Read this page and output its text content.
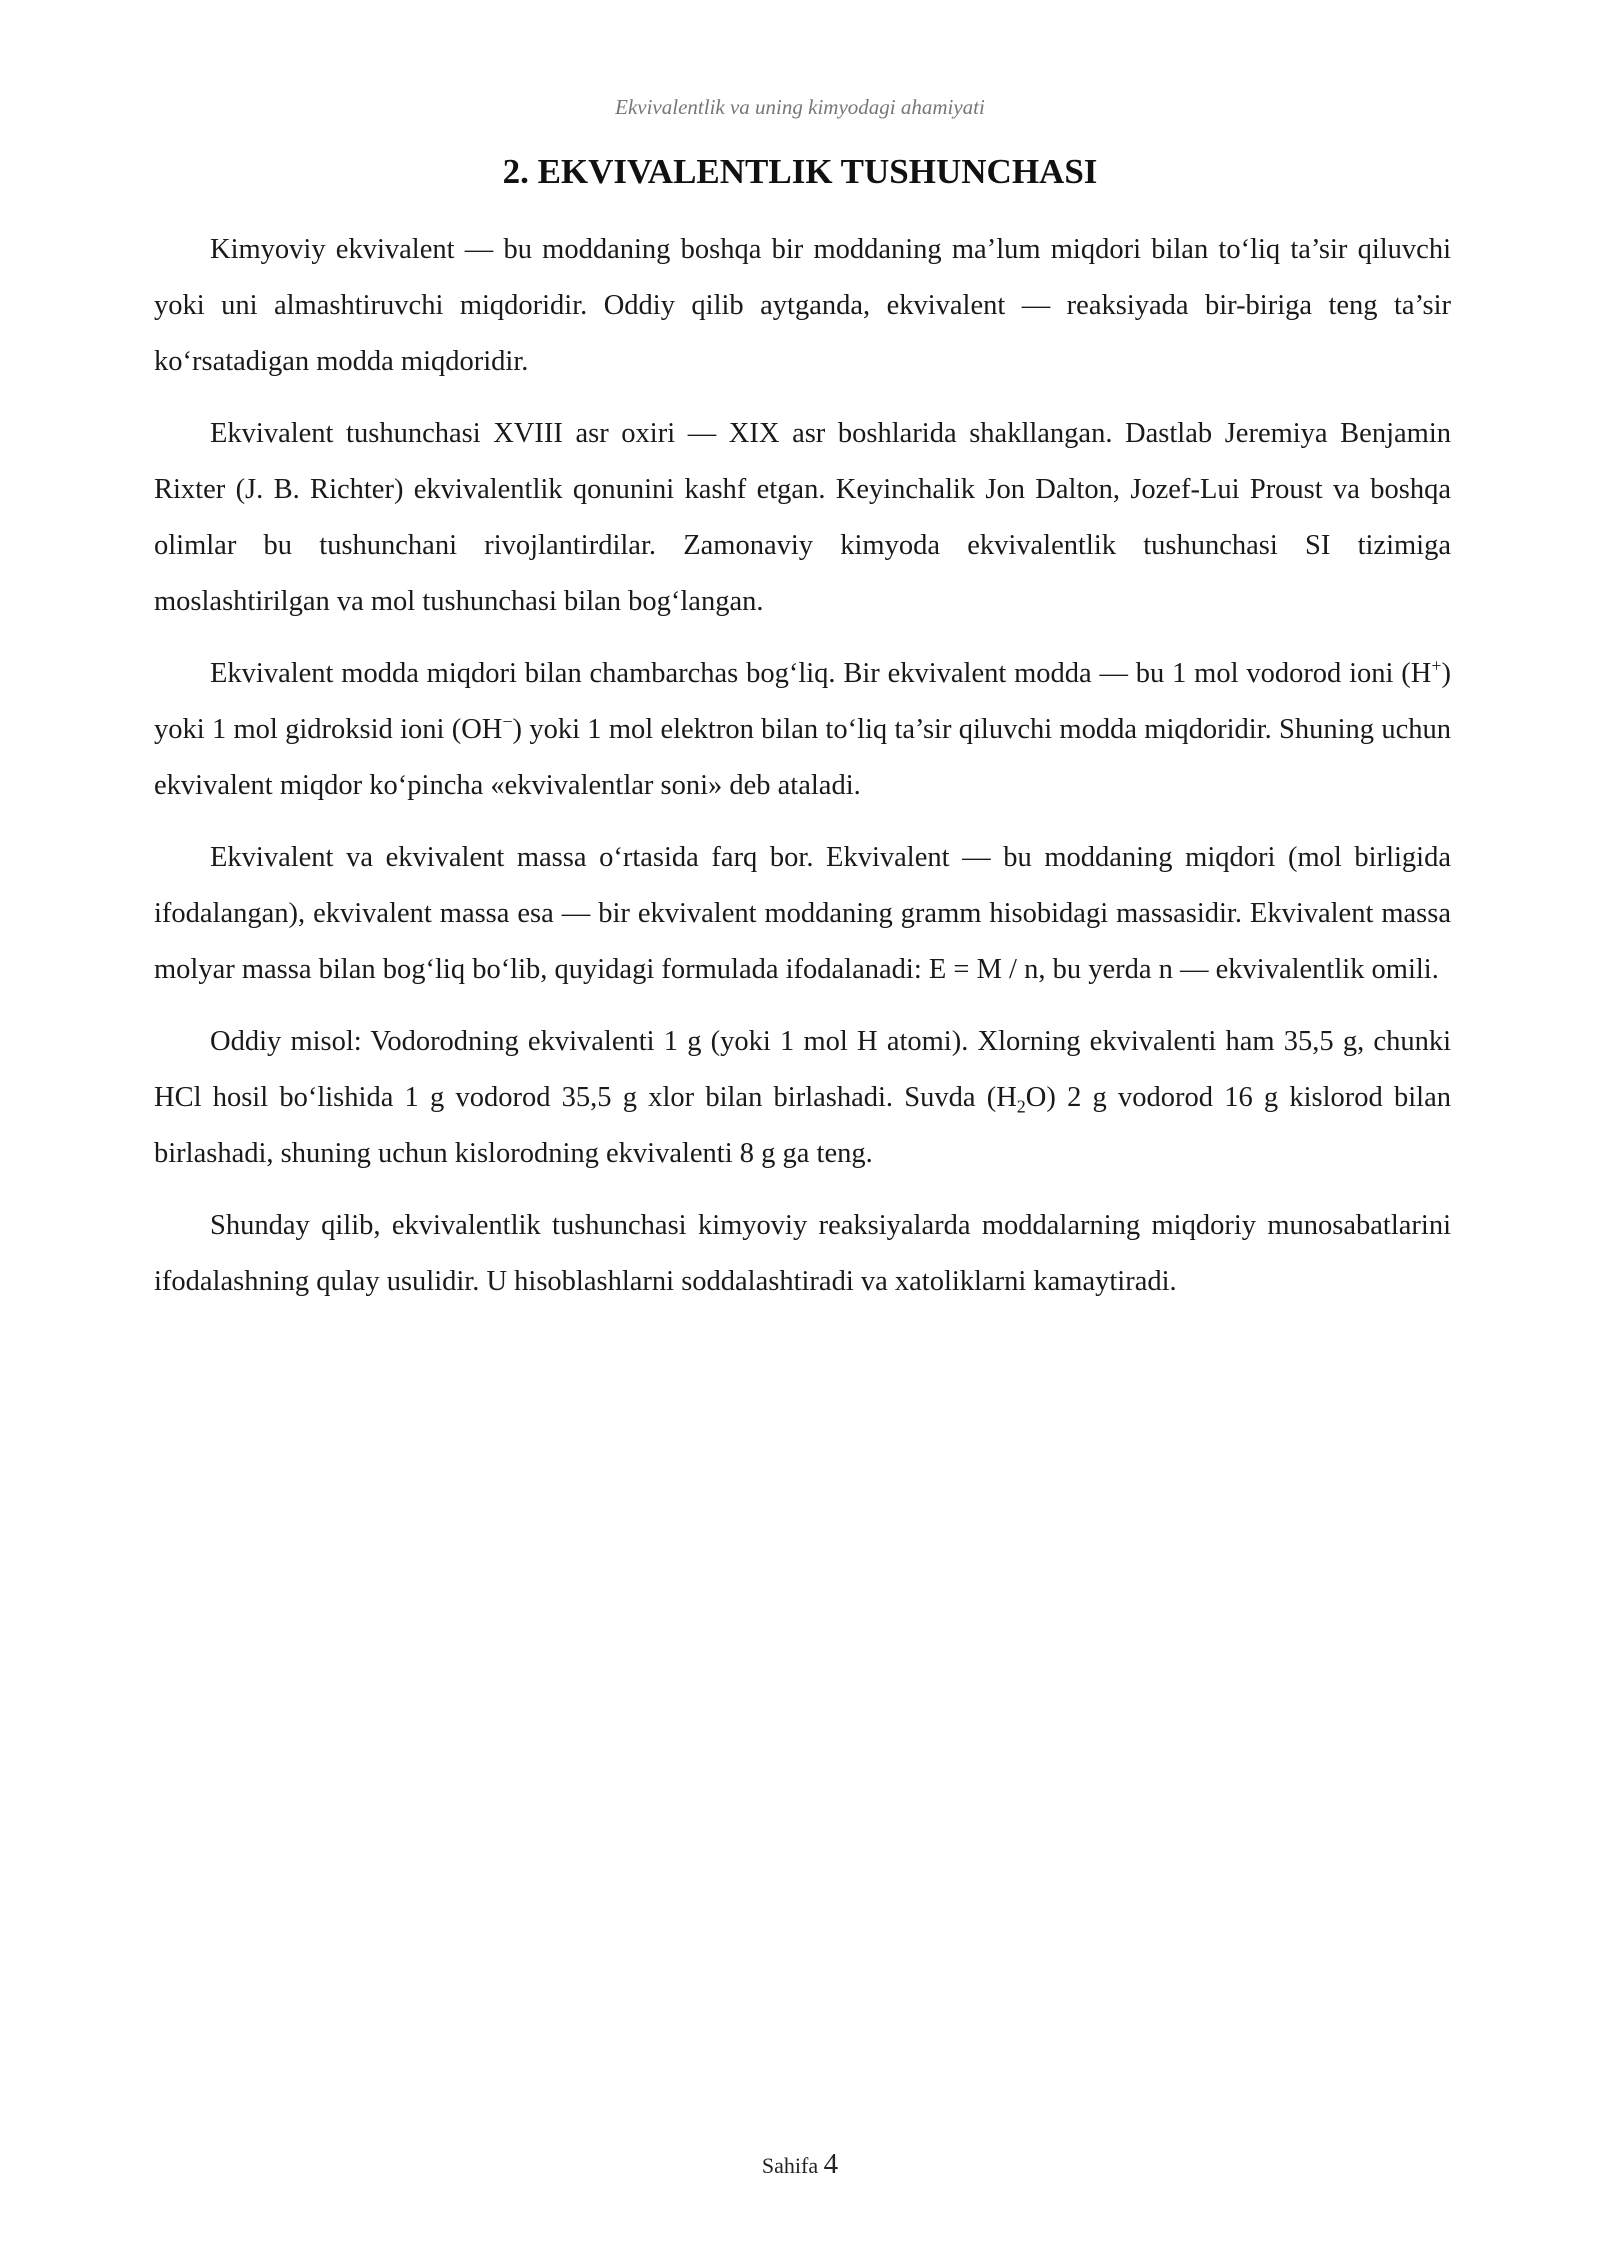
Ekvivalentlik va uning kimyodagi ahamiyati
2. EKVIVALENTLIK TUSHUNCHASI

Kimyoviy ekvivalent — bu moddaning boshqa bir moddaning ma’lum miqdori bilan to‘liq ta’sir qiluvchi yoki uni almashtiruvchi miqdoridir. Oddiy qilib aytganda, ekvivalent — reaksiyada bir-biriga teng ta’sir ko‘rsatadigan modda miqdoridir.

Ekvivalent tushunchasi XVIII asr oxiri — XIX asr boshlarida shakllangan. Dastlab Jeremiya Benjamin Rixter (J. B. Richter) ekvivalentlik qonunini kashf etgan. Keyinchalik Jon Dalton, Jozef-Lui Proust va boshqa olimlar bu tushunchani rivojlantirdilar. Zamonaviy kimyoda ekvivalentlik tushunchasi SI tizimiga moslashtirilgan va mol tushunchasi bilan bog‘langan.

Ekvivalent modda miqdori bilan chambarchas bog‘liq. Bir ekvivalent modda — bu 1 mol vodorod ioni (H+) yoki 1 mol gidroksid ioni (OH−) yoki 1 mol elektron bilan to‘liq ta’sir qiluvchi modda miqdoridir. Shuning uchun ekvivalent miqdor ko‘pincha «ekvivalentlar soni» deb ataladi.

Ekvivalent va ekvivalent massa o‘rtasida farq bor. Ekvivalent — bu moddaning miqdori (mol birligida ifodalangan), ekvivalent massa esa — bir ekvivalent moddaning gramm hisobidagi massasidir. Ekvivalent massa molyar massa bilan bog‘liq bo‘lib, quyidagi formulada ifodalanadi: E = M / n, bu yerda n — ekvivalentlik omili.

Oddiy misol: Vodorodning ekvivalenti 1 g (yoki 1 mol H atomi). Xlorning ekvivalenti ham 35,5 g, chunki HCl hosil bo‘lishida 1 g vodorod 35,5 g xlor bilan birlashadi. Suvda $(H_2O)$ 2 g vodorod 16 g kislorod bilan birlashadi, shuning uchun kislorodning ekvivalenti 8 g ga teng.

Shunday qilib, ekvivalentlik tushunchasi kimyoviy reaksiyalarda moddalarning miqdoriy munosabatlarini ifodalashning qulay usulidir. U hisoblashlarni soddalashtiradi va xatoliklarni kamaytiradi.

Sahifa 4
